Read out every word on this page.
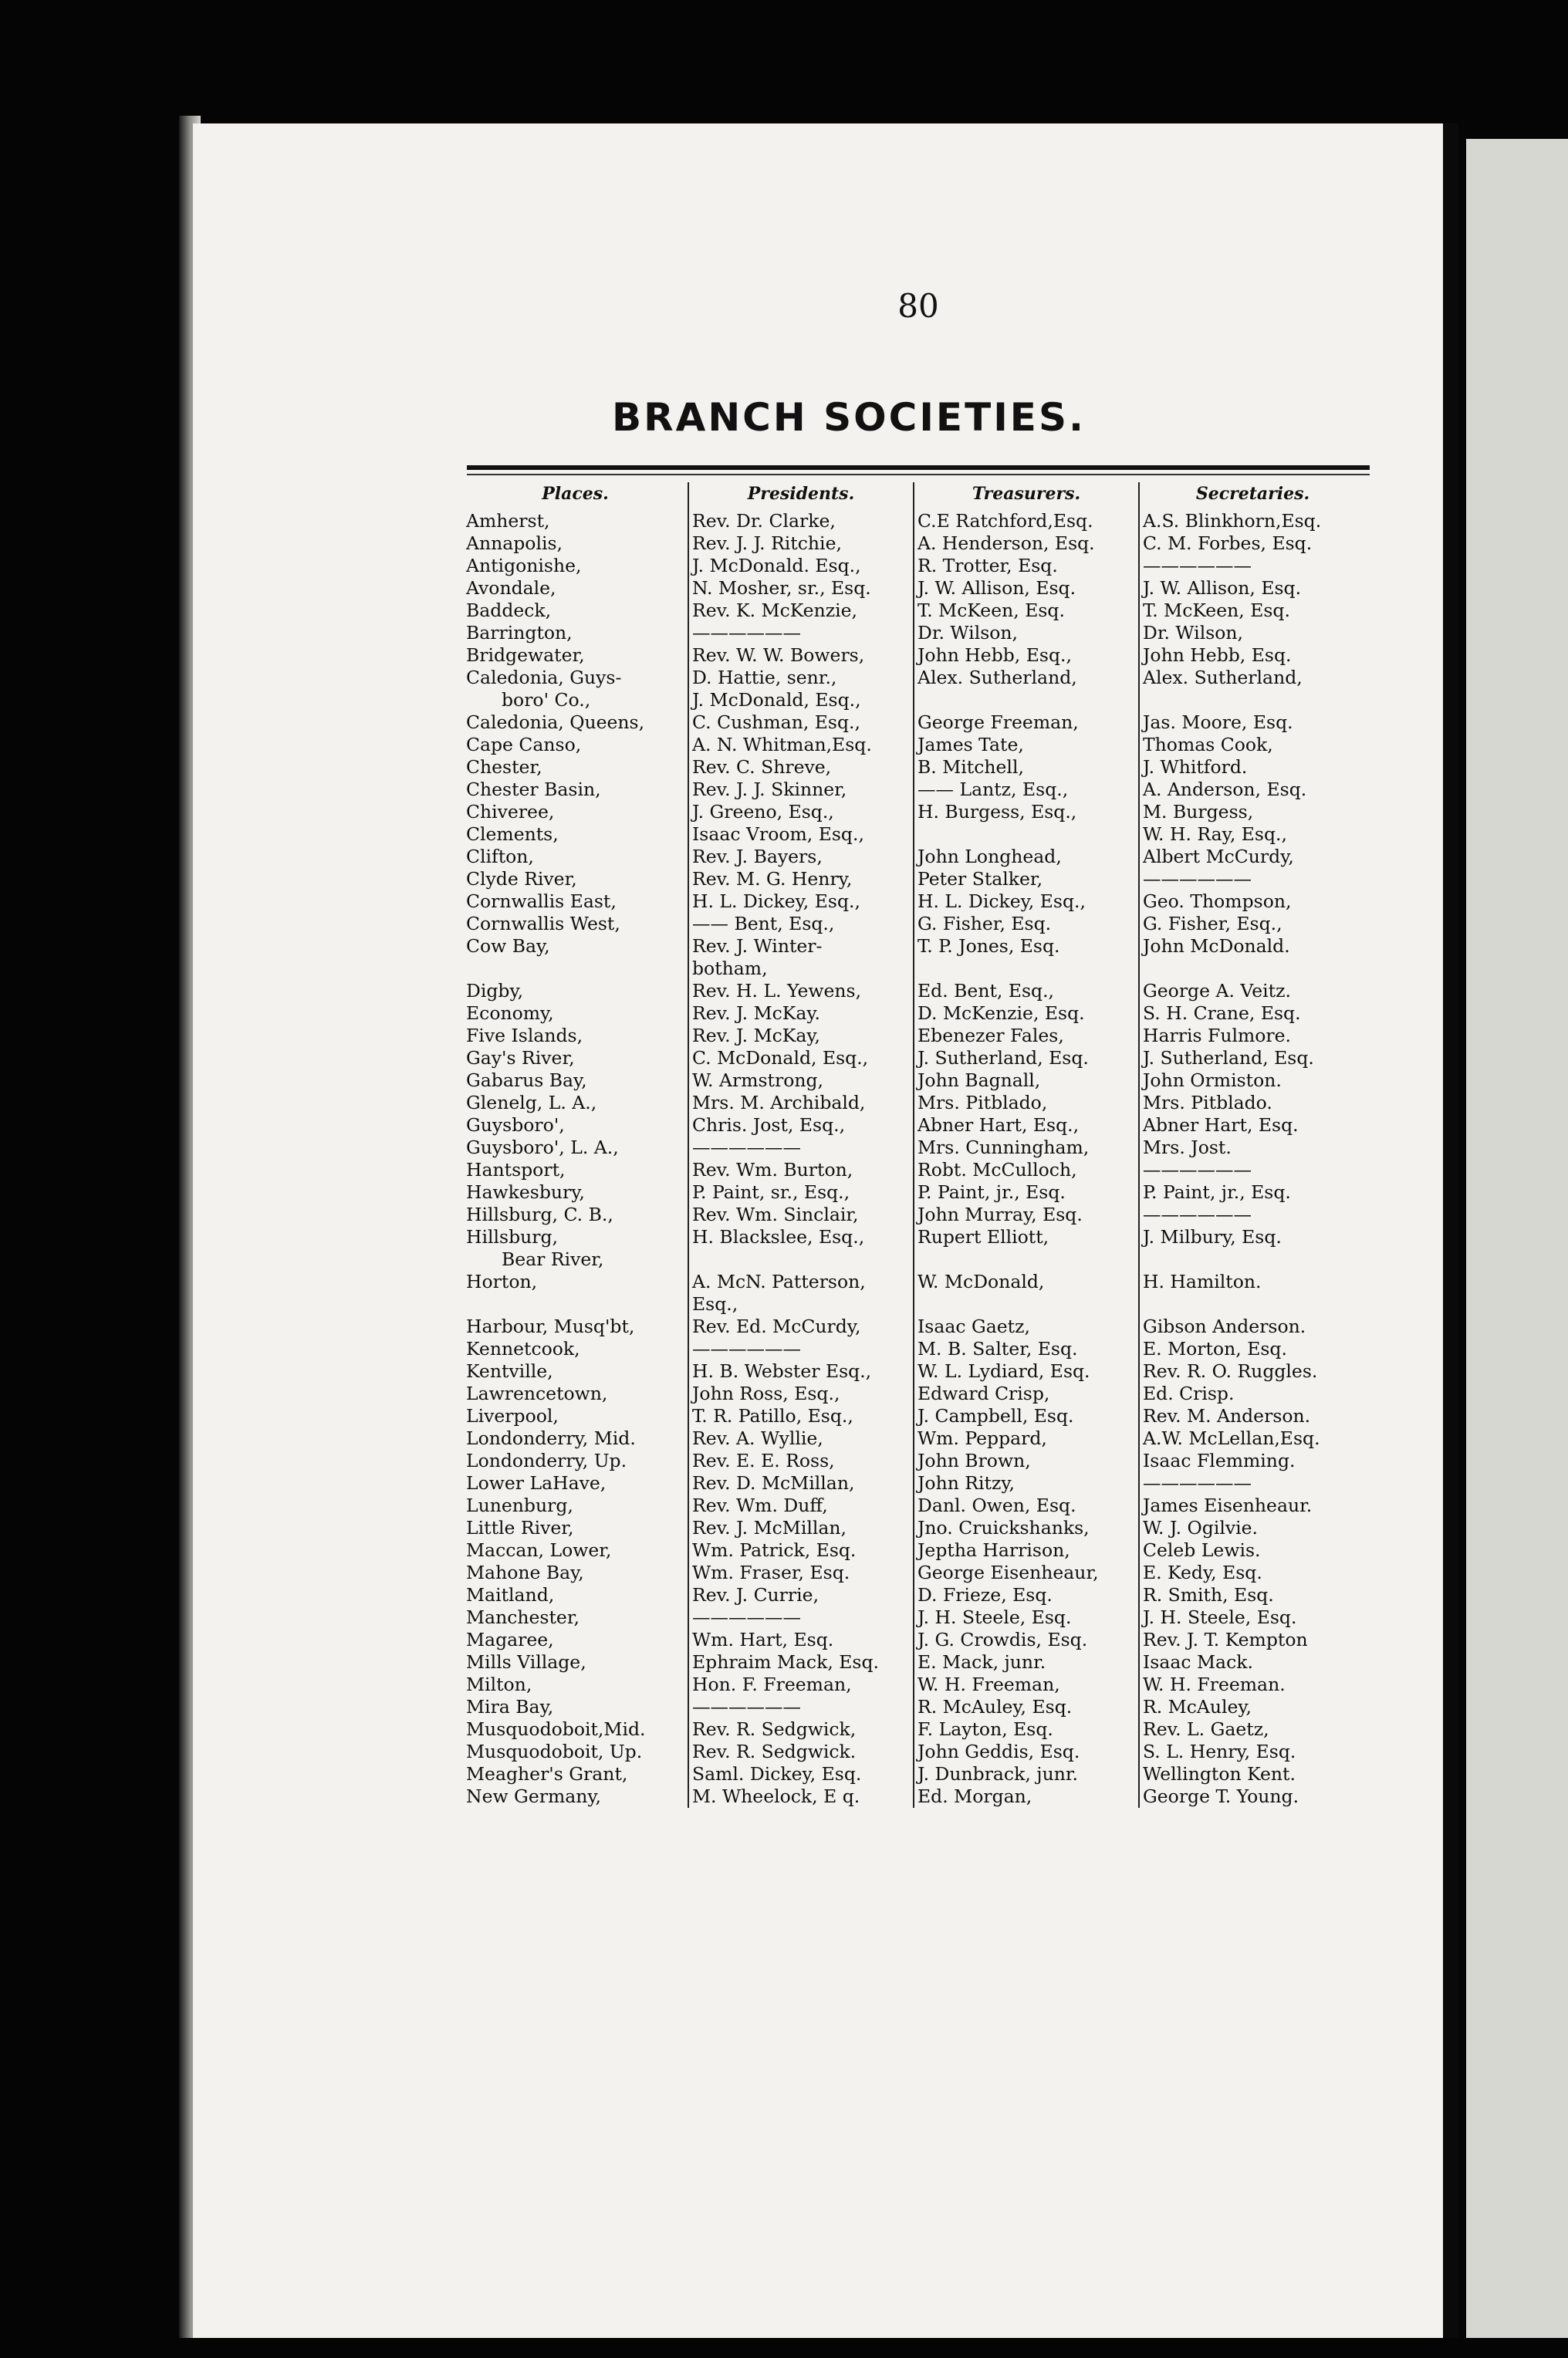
80
BRANCH SOCIETIES.
Places.	Presidents.	Treasurers.	Secretaries.
Amherst,	Rev. Dr. Clarke,	C.E Ratchford,Esq.	A.S. Blinkhorn,Esq.
Annapolis,	Rev. J. J. Ritchie,	A. Henderson, Esq.	C. M. Forbes, Esq.
Antigonishe,	J. McDonald. Esq.,	R. Trotter, Esq.	——————
Avondale,	N. Mosher, sr., Esq.	J. W. Allison, Esq.	J. W. Allison, Esq.
Baddeck,	Rev. K. McKenzie,	T. McKeen, Esq.	T. McKeen, Esq.
Barrington,	——————	Dr. Wilson,	Dr. Wilson,
Bridgewater,	Rev. W. W. Bowers,	John Hebb, Esq.,	John Hebb, Esq.
Caledonia, Guys-	D. Hattie, senr.,	Alex. Sutherland,	Alex. Sutherland,
boro' Co.,	J. McDonald, Esq.,		
Caledonia, Queens,	C. Cushman, Esq.,	George Freeman,	Jas. Moore, Esq.
Cape Canso,	A. N. Whitman,Esq.	James Tate,	Thomas Cook,
Chester,	Rev. C. Shreve,	B. Mitchell,	J. Whitford.
Chester Basin,	Rev. J. J. Skinner,	—— Lantz, Esq.,	A. Anderson, Esq.
Chiveree,	J. Greeno, Esq.,	H. Burgess, Esq.,	M. Burgess,
Clements,	Isaac Vroom, Esq.,		W. H. Ray, Esq.,
Clifton,	Rev. J. Bayers,	John Longhead,	Albert McCurdy,
Clyde River,	Rev. M. G. Henry,	Peter Stalker,	——————
Cornwallis East,	H. L. Dickey, Esq.,	H. L. Dickey, Esq.,	Geo. Thompson,
Cornwallis West,	—— Bent, Esq.,	G. Fisher, Esq.	G. Fisher, Esq.,
Cow Bay,	Rev. J. Winter-	T. P. Jones, Esq.	John McDonald.
	botham,		
Digby,	Rev. H. L. Yewens,	Ed. Bent, Esq.,	George A. Veitz.
Economy,	Rev. J. McKay.	D. McKenzie, Esq.	S. H. Crane, Esq.
Five Islands,	Rev. J. McKay,	Ebenezer Fales,	Harris Fulmore.
Gay's River,	C. McDonald, Esq.,	J. Sutherland, Esq.	J. Sutherland, Esq.
Gabarus Bay,	W. Armstrong,	John Bagnall,	John Ormiston.
Glenelg, L. A.,	Mrs. M. Archibald,	Mrs. Pitblado,	Mrs. Pitblado.
Guysboro',	Chris. Jost, Esq.,	Abner Hart, Esq.,	Abner Hart, Esq.
Guysboro', L. A.,	——————	Mrs. Cunningham,	Mrs. Jost.
Hantsport,	Rev. Wm. Burton,	Robt. McCulloch,	——————
Hawkesbury,	P. Paint, sr., Esq.,	P. Paint, jr., Esq.	P. Paint, jr., Esq.
Hillsburg, C. B.,	Rev. Wm. Sinclair,	John Murray, Esq.	——————
Hillsburg,	H. Blackslee, Esq.,	Rupert Elliott,	J. Milbury, Esq.
Bear River,			
Horton,	A. McN. Patterson,	W. McDonald,	H. Hamilton.
	Esq.,		
Harbour, Musq'bt,	Rev. Ed. McCurdy,	Isaac Gaetz,	Gibson Anderson.
Kennetcook,	——————	M. B. Salter, Esq.	E. Morton, Esq.
Kentville,	H. B. Webster Esq.,	W. L. Lydiard, Esq.	Rev. R. O. Ruggles.
Lawrencetown,	John Ross, Esq.,	Edward Crisp,	Ed. Crisp.
Liverpool,	T. R. Patillo, Esq.,	J. Campbell, Esq.	Rev. M. Anderson.
Londonderry, Mid.	Rev. A. Wyllie,	Wm. Peppard,	A.W. McLellan,Esq.
Londonderry, Up.	Rev. E. E. Ross,	John Brown,	Isaac Flemming.
Lower LaHave,	Rev. D. McMillan,	John Ritzy,	——————
Lunenburg,	Rev. Wm. Duff,	Danl. Owen, Esq.	James Eisenheaur.
Little River,	Rev. J. McMillan,	Jno. Cruickshanks,	W. J. Ogilvie.
Maccan, Lower,	Wm. Patrick, Esq.	Jeptha Harrison,	Celeb Lewis.
Mahone Bay,	Wm. Fraser, Esq.	George Eisenheaur,	E. Kedy, Esq.
Maitland,	Rev. J. Currie,	D. Frieze, Esq.	R. Smith, Esq.
Manchester,	——————	J. H. Steele, Esq.	J. H. Steele, Esq.
Magaree,	Wm. Hart, Esq.	J. G. Crowdis, Esq.	Rev. J. T. Kempton
Mills Village,	Ephraim Mack, Esq.	E. Mack, junr.	Isaac Mack.
Milton,	Hon. F. Freeman,	W. H. Freeman,	W. H. Freeman.
Mira Bay,	——————	R. McAuley, Esq.	R. McAuley,
Musquodoboit,Mid.	Rev. R. Sedgwick,	F. Layton, Esq.	Rev. L. Gaetz,
Musquodoboit, Up.	Rev. R. Sedgwick.	John Geddis, Esq.	S. L. Henry, Esq.
Meagher's Grant,	Saml. Dickey, Esq.	J. Dunbrack, junr.	Wellington Kent.
New Germany,	M. Wheelock, E q.	Ed. Morgan,	George T. Young.
